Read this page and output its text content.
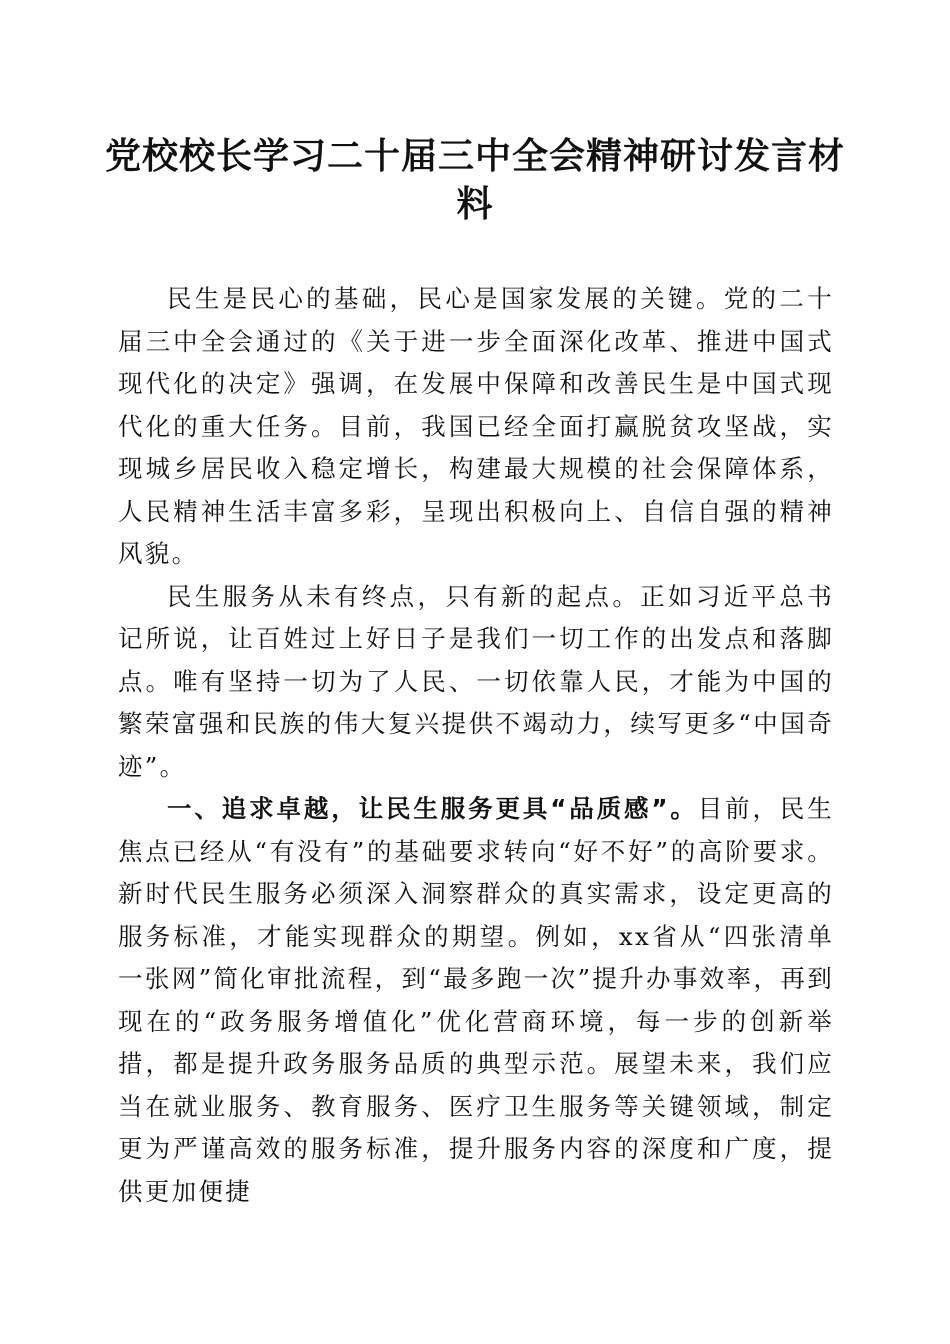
党校校长学习二十届三中全会精神研讨发言材料

民生是民心的基础，民心是国家发展的关键。党的二十届三中全会通过的《关于进一步全面深化改革、推进中国式现代化的决定》强调，在发展中保障和改善民生是中国式现代化的重大任务。目前，我国已经全面打赢脱贫攻坚战，实现城乡居民收入稳定增长，构建最大规模的社会保障体系，人民精神生活丰富多彩，呈现出积极向上、自信自强的精神风貌。

民生服务从未有终点，只有新的起点。正如习近平总书记所说，让百姓过上好日子是我们一切工作的出发点和落脚点。唯有坚持一切为了人民、一切依靠人民，才能为中国的繁荣富强和民族的伟大复兴提供不竭动力，续写更多“中国奇迹”。

一、追求卓越，让民生服务更具“品质感”。目前，民生焦点已经从“有没有”的基础要求转向“好不好”的高阶要求。新时代民生服务必须深入洞察群众的真实需求，设定更高的服务标准，才能实现群众的期望。例如，xx省从“四张清单一张网”简化审批流程，到“最多跑一次”提升办事效率，再到现在的“政务服务增值化”优化营商环境，每一步的创新举措，都是提升政务服务品质的典型示范。展望未来，我们应当在就业服务、教育服务、医疗卫生服务等关键领域，制定更为严谨高效的服务标准，提升服务内容的深度和广度，提供更加便捷
